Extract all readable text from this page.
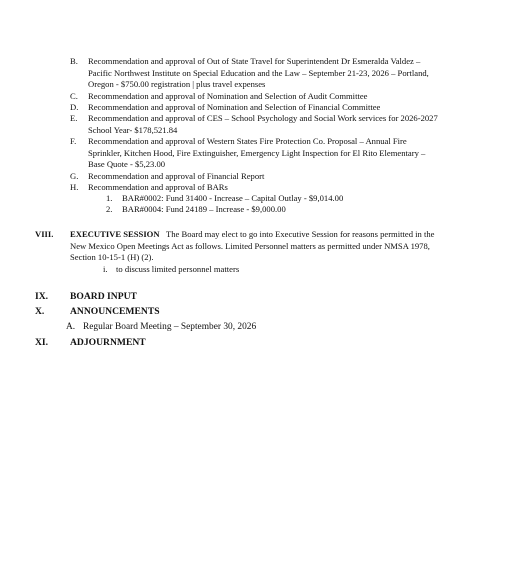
B. Recommendation and approval of Out of State Travel for Superintendent Dr Esmeralda Valdez –
Pacific Northwest Institute on Special Education and the Law – September 21-23, 2026 – Portland,
Oregon - $750.00 registration | plus travel expenses
C. Recommendation and approval of Nomination and Selection of Audit Committee
D. Recommendation and approval of Nomination and Selection of Financial Committee
E. Recommendation and approval of CES – School Psychology and Social Work services for 2026-2027
School Year- $178,521.84
F. Recommendation and approval of Western States Fire Protection Co. Proposal – Annual Fire
Sprinkler, Kitchen Hood, Fire Extinguisher, Emergency Light Inspection for El Rito Elementary –
Base Quote - $5,23.00
G. Recommendation and approval of Financial Report
H. Recommendation and approval of BARs
1. BAR#0002: Fund 31400 - Increase – Capital Outlay - $9,014.00
2. BAR#0004: Fund 24189 – Increase - $9,000.00
VIII. EXECUTIVE SESSION The Board may elect to go into Executive Session for reasons permitted in the
New Mexico Open Meetings Act as follows. Limited Personnel matters as permitted under NMSA 1978,
Section 10-15-1 (H) (2).
i. to discuss limited personnel matters
IX. BOARD INPUT
X.	ANNOUNCEMENTS
A. Regular Board Meeting – September 30, 2026
XI. ADJOURNMENT
